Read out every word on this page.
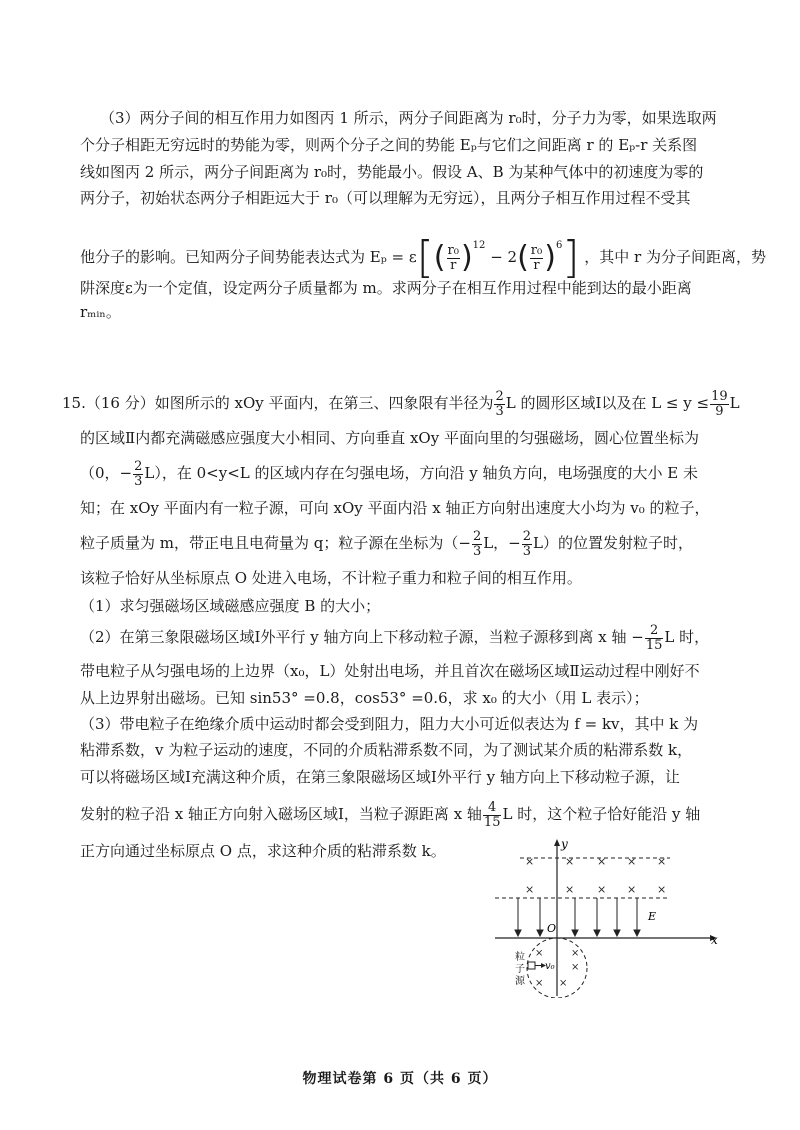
（3）两分子间的相互作用力如图丙 1 所示，两分子间距离为 r₀时，分子力为零，如果选取两
个分子相距无穷远时的势能为零，则两个分子之间的势能 Eₚ与它们之间距离 r 的 Eₚ-r 关系图
线如图丙 2 所示，两分子间距离为 r₀时，势能最小。假设 A、B 为某种气体中的初速度为零的
两分子，初始状态两分子相距远大于 r₀（可以理解为无穷远），且两分子相互作用过程不受其
他分子的影响。已知两分子间势能表达式为 $E_p = \varepsilon[( \frac{\text{r₀}}{r} )^{12} - 2( \frac{\text{r₀}}{r} )^6]$ ，其中 r 为分子间距离，势
阱深度ε为一个定值，设定两分子质量都为 m。求两分子在相互作用过程中能到达的最小距离
rₘᵢₙ。
15.（16 分）如图所示的 xOy 平面内，在第三、四象限有半径为 $\frac{2}{3}$ L 的圆形区域Ⅰ以及在 $L \le y \le \frac{19}{9}$ L
的区域Ⅱ内都充满磁感应强度大小相同、方向垂直 xOy 平面向里的匀强磁场，圆心位置坐标为
（0，− $\frac{2}{3} L$），在 0<y<L 的区域内存在匀强电场，方向沿 y 轴负方向，电场强度的大小 E 未
知；在 xOy 平面内有一粒子源，可向 xOy 平面内沿 x 轴正方向射出速度大小均为 v₀ 的粒子，
粒子质量为 m，带正电且电荷量为 q；粒子源在坐标为（− $\frac{2}{3}$ L，− $\frac{2}{3} L$）的位置发射粒子时，
该粒子恰好从坐标原点 O 处进入电场，不计粒子重力和粒子间的相互作用。
（1）求匀强磁场区域磁感应强度 B 的大小；
（2）在第三象限磁场区域Ⅰ外平行 y 轴方向上下移动粒子源，当粒子源移到离 x 轴 − $\frac{2}{15}$ L 时，
带电粒子从匀强电场的上边界（x₀，L）处射出电场，并且首次在磁场区域Ⅱ运动过程中刚好不
从上边界射出磁场。已知 sin53° =0.8，cos53° =0.6，求 x₀ 的大小（用 L 表示）；
（3）带电粒子在绝缘介质中运动时都会受到阻力，阻力大小可近似表达为 f = kv，其中 k 为
粘滞系数，v 为粒子运动的速度，不同的介质粘滞系数不同，为了测试某介质的粘滞系数 k，
可以将磁场区域Ⅰ充满这种介质，在第三象限磁场区域Ⅰ外平行 y 轴方向上下移动粒子源，让
发射的粒子沿 x 轴正方向射入磁场区域Ⅰ，当粒子源距离 x 轴 $\frac{4}{15}$ L 时，这个粒子恰好能沿 y 轴
正方向通过坐标原点 O 点，求这种介质的粘滞系数 k。
×	× × × ×
×	× × × ×
E
x
y
O
×	×
×
× ×
v₀
粒
子
源
物理试卷第 6 页（共 6 页）
